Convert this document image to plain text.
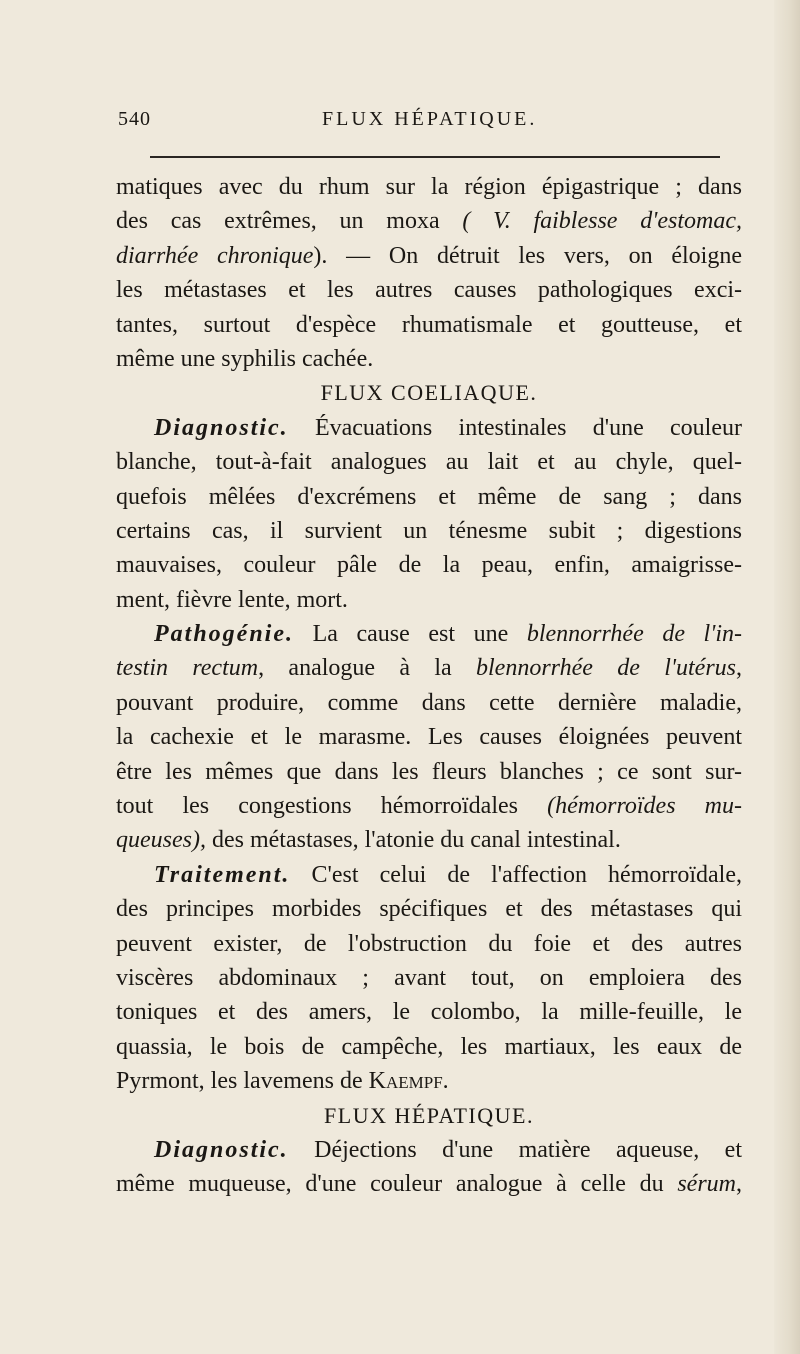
540	FLUX HÉPATIQUE.
matiques avec du rhum sur la région épigastrique ; dans
des cas extrêmes, un moxa ( V. faiblesse d'estomac,
diarrhée chronique). — On détruit les vers, on éloigne
les métastases et les autres causes pathologiques exci-
tantes, surtout d'espèce rhumatismale et goutteuse, et
même une syphilis cachée.
FLUX COELIAQUE.
Diagnostic. Évacuations intestinales d'une couleur
blanche, tout-à-fait analogues au lait et au chyle, quel-
quefois mêlées d'excrémens et même de sang ; dans
certains cas, il survient un ténesme subit ; digestions
mauvaises, couleur pâle de la peau, enfin, amaigrisse-
ment, fièvre lente, mort.
Pathogénie. La cause est une blennorrhée de l'in-
testin rectum, analogue à la blennorrhée de l'utérus,
pouvant produire, comme dans cette dernière maladie,
la cachexie et le marasme. Les causes éloignées peuvent
être les mêmes que dans les fleurs blanches ; ce sont sur-
tout les congestions hémorroïdales (hémorroïdes mu-
queuses), des métastases, l'atonie du canal intestinal.
Traitement. C'est celui de l'affection hémorroïdale,
des principes morbides spécifiques et des métastases qui
peuvent exister, de l'obstruction du foie et des autres
viscères abdominaux ; avant tout, on emploiera des
toniques et des amers, le colombo, la mille-feuille, le
quassia, le bois de campêche, les martiaux, les eaux de
Pyrmont, les lavemens de Kaempf.
FLUX HÉPATIQUE.
Diagnostic. Déjections d'une matière aqueuse, et
même muqueuse, d'une couleur analogue à celle du sérum,
